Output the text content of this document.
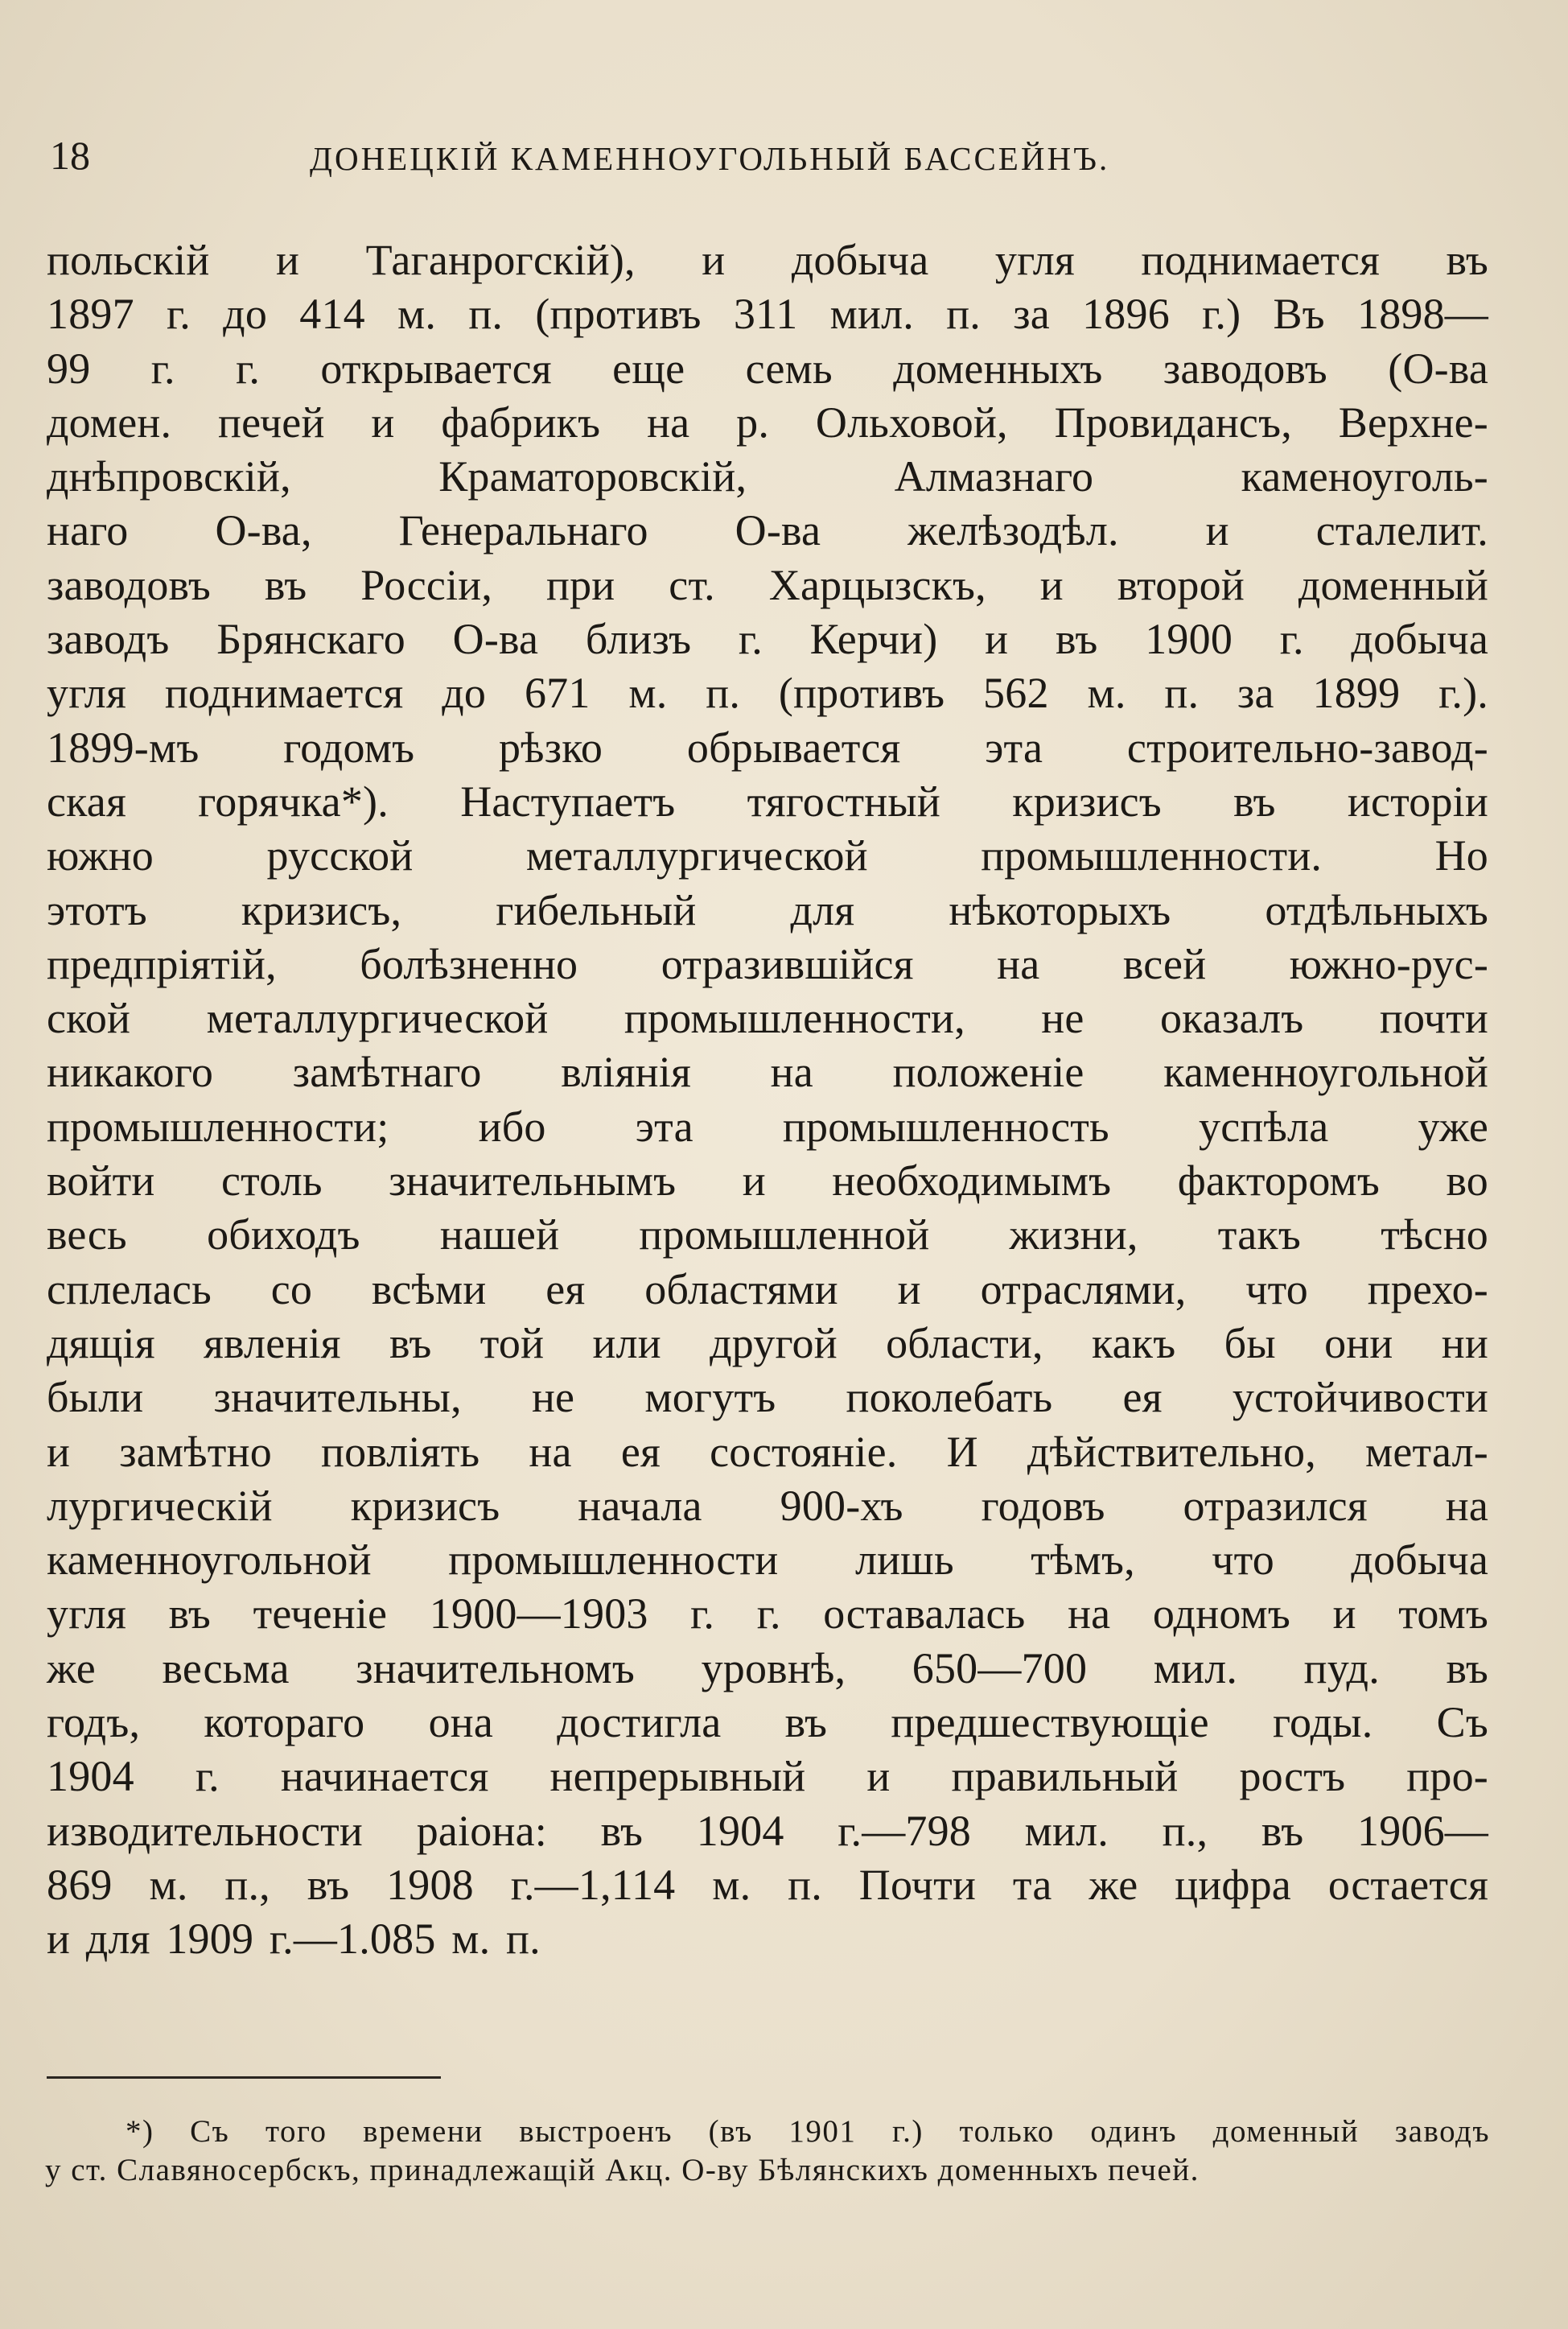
18	ДОНЕЦКІЙ КАМЕННОУГОЛЬНЫЙ БАССЕЙНЪ.
польскій и Таганрогскій), и добыча угля поднимается въ
1897 г. до 414 м. п. (противъ 311 мил. п. за 1896 г.) Въ 1898—
99 г. г. открывается еще семь доменныхъ заводовъ (О-ва
домен. печей и фабрикъ на р. Ольховой, Провидансъ, Верхне-
днѣпровскій, Краматоровскій, Алмазнаго каменоуголь-
наго О-ва, Генеральнаго О-ва желѣзодѣл. и сталелит.
заводовъ въ Россіи, при ст. Харцызскъ, и второй доменный
заводъ Брянскаго О-ва близъ г. Керчи) и въ 1900 г. добыча
угля поднимается до 671 м. п. (противъ 562 м. п. за 1899 г.).
1899-мъ годомъ рѣзко обрывается эта строительно-завод-
ская горячка*). Наступаетъ тягостный кризисъ въ исторіи
южно русской металлургической промышленности. Но
этотъ кризисъ, гибельный для нѣкоторыхъ отдѣльныхъ
предпріятій, болѣзненно отразившійся на всей южно-рус-
ской металлургической промышленности, не оказалъ почти
никакого замѣтнаго вліянія на положеніе каменноугольной
промышленности; ибо эта промышленность успѣла уже
войти столь значительнымъ и необходимымъ факторомъ во
весь обиходъ нашей промышленной жизни, такъ тѣсно
сплелась со всѣми ея областями и отраслями, что прехо-
дящія явленія въ той или другой области, какъ бы они ни
были значительны, не могутъ поколебать ея устойчивости
и замѣтно повліять на ея состояніе. И дѣйствительно, метал-
лургическій кризисъ начала 900-хъ годовъ отразился на
каменноугольной промышленности лишь тѣмъ, что добыча
угля въ теченіе 1900—1903 г. г. оставалась на одномъ и томъ
же весьма значительномъ уровнѣ, 650—700 мил. пуд. въ
годъ, котораго она достигла въ предшествующіе годы. Съ
1904 г. начинается непрерывный и правильный ростъ про-
изводительности раіона: въ 1904 г.—798 мил. п., въ 1906—
869 м. п., въ 1908 г.—1,114 м. п. Почти та же цифра остается
и для 1909 г.—1.085 м. п.
*) Съ того времени выстроенъ (въ 1901 г.) только одинъ доменный заводъ
у ст. Славяносербскъ, принадлежащій Акц. О-ву Бѣлянскихъ доменныхъ печей.
